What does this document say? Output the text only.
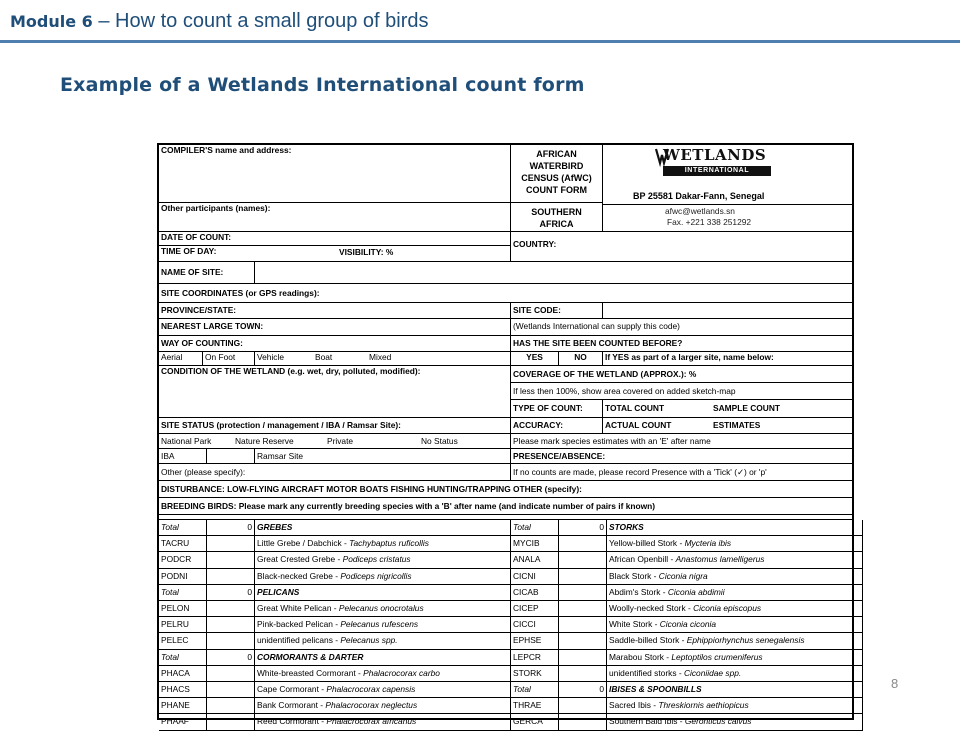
Module 6 – How to count a small group of birds
Example of a Wetlands International count form
COMPILER'S name and address:	AFRICAN
WATERBIRD
CENSUS (AfWC)
COUNT FORM
WETLANDS
INTERNATIONAL
BP 25581 Dakar-Fann, Senegal
Other participants (names):	SOUTHERN
AFRICA
afwc@wetlands.sn
Fax. +221 338 251292
DATE OF COUNT:
TIME OF DAY:	VISIBILITY: %
COUNTRY:
NAME OF SITE:
SITE COORDINATES (or GPS readings):
PROVINCE/STATE:	SITE CODE:
NEAREST LARGE TOWN:	(Wetlands International can supply this code)
WAY OF COUNTING:	HAS THE SITE BEEN COUNTED BEFORE?
Aerial	On Foot	Vehicle	Boat	Mixed	YES	NO	If YES as part of a larger site, name below:
CONDITION OF THE WETLAND (e.g. wet, dry, polluted, modified):	COVERAGE OF THE WETLAND (APPROX.): %
If less then 100%, show area covered on added sketch-map
TYPE OF COUNT:	TOTAL COUNT	SAMPLE COUNT
SITE STATUS (protection / management / IBA / Ramsar Site):	ACCURACY:	ACTUAL COUNT	ESTIMATES
National Park	Nature Reserve	Private	No Status	Please mark species estimates with an 'E' after name
IBA	Ramsar Site	PRESENCE/ABSENCE:
Other (please specify):	If no counts are made, please record Presence with a 'Tick' (✓) or 'p'
DISTURBANCE: LOW-FLYING AIRCRAFT MOTOR BOATS FISHING HUNTING/TRAPPING OTHER (specify):
BREEDING BIRDS: Please mark any currently breeding species with a 'B' after name (and indicate number of pairs if known)
Total	0 GREBES
TACRU	Little Grebe / Dabchick - Tachybaptus ruficollis
PODCR	Great Crested Grebe - Podiceps cristatus
PODNI	Black-necked Grebe - Podiceps nigricollis
Total	0 PELICANS
PELON	Great White Pelican - Pelecanus onocrotalus
PELRU	Pink-backed Pelican - Pelecanus rufescens
PELEC	unidentified pelicans - Pelecanus spp.
Total	0 CORMORANTS & DARTER
PHACA	White-breasted Cormorant - Phalacrocorax carbo
PHACS	Cape Cormorant - Phalacrocorax capensis
PHANE	Bank Cormorant - Phalacrocorax neglectus
PHAAF	Reed Cormorant - Phalacrocorax africanus
Total	0 STORKS
MYCIB	Yellow-billed Stork - Mycteria ibis
ANALA	African Openbill - Anastomus lamelligerus
CICNI	Black Stork - Ciconia nigra
CICAB	Abdim's Stork - Ciconia abdimii
CICEP	Woolly-necked Stork - Ciconia episcopus
CICCI	White Stork - Ciconia ciconia
EPHSE	Saddle-billed Stork - Ephippiorhynchus senegalensis
LEPCR	Marabou Stork - Leptoptilos crumeniferus
STORK	unidentified storks - Ciconiidae spp.
Total	0 IBISES & SPOONBILLS
THRAE	Sacred Ibis - Threskiornis aethiopicus
GERCA	Southern Bald Ibis - Geronticus calvus
8
